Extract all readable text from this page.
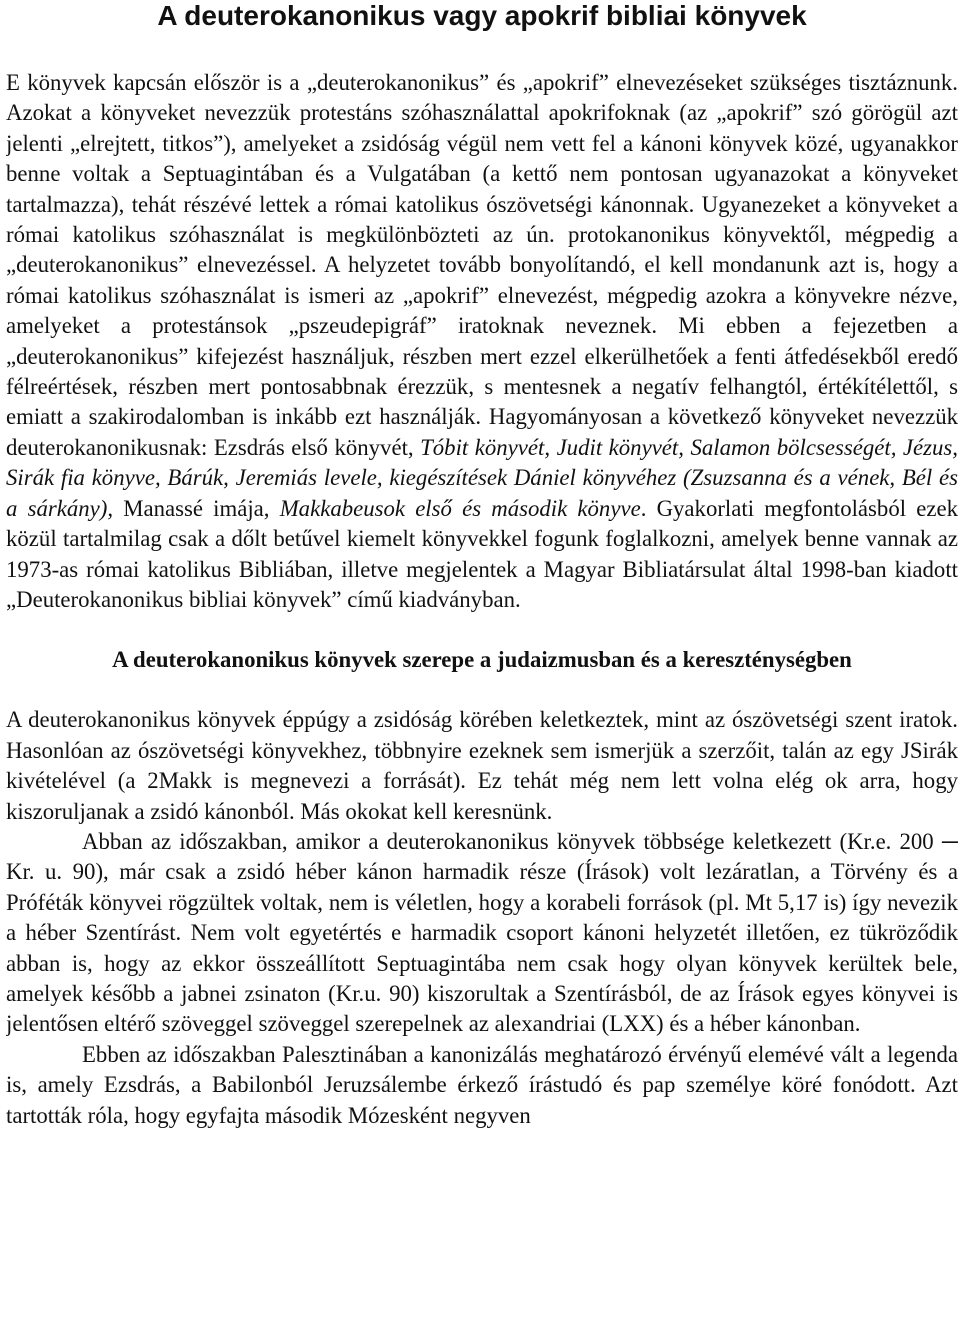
A deuterokanonikus vagy apokrif bibliai könyvek

E könyvek kapcsán először is a „deuterokanonikus” és „apokrif” elnevezéseket szükséges tisztáznunk. Azokat a könyveket nevezzük protestáns szóhasználattal apokrifoknak (az „apokrif” szó görögül azt jelenti „elrejtett, titkos”), amelyeket a zsidóság végül nem vett fel a kánoni könyvek közé, ugyanakkor benne voltak a Septuagintában és a Vulgatában (a kettő nem pontosan ugyanazokat a könyveket tartalmazza), tehát részévé lettek a római katolikus ószövetségi kánonnak. Ugyanezeket a könyveket a római katolikus szóhasználat is megkülönbözteti az ún. protokanonikus könyvektől, mégpedig a „deuterokanonikus” elnevezéssel. A helyzetet tovább bonyolítandó, el kell mondanunk azt is, hogy a római katolikus szóhasználat is ismeri az „apokrif” elnevezést, mégpedig azokra a könyvekre nézve, amelyeket a protestánsok „pszeudepigráf” iratoknak neveznek. Mi ebben a fejezetben a „deuterokanonikus” kifejezést használjuk, részben mert ezzel elkerülhetőek a fenti átfedésekből eredő félreértések, részben mert pontosabbnak érezzük, s mentesnek a negatív felhangtól, értékítélettől, s emiatt a szakirodalomban is inkább ezt használják. Hagyományosan a következő könyveket nevezzük deuterokanonikusnak: Ezsdrás első könyvét, Tóbit könyvét, Judit könyvét, Salamon bölcsességét, Jézus, Sirák fia könyve, Bárúk, Jeremiás levele, kiegészítések Dániel könyvéhez (Zsuzsanna és a vének, Bél és a sárkány), Manassé imája, Makkabeusok első és második könyve. Gyakorlati megfontolásból ezek közül tartalmilag csak a dőlt betűvel kiemelt könyvekkel fogunk foglalkozni, amelyek benne vannak az 1973-as római katolikus Bibliában, illetve megjelentek a Magyar Bibliatársulat által 1998-ban kiadott „Deuterokanonikus bibliai könyvek” című kiadványban.

A deuterokanonikus könyvek szerepe a judaizmusban és a kereszténységben

A deuterokanonikus könyvek éppúgy a zsidóság körében keletkeztek, mint az ószövetségi szent iratok. Hasonlóan az ószövetségi könyvekhez, többnyire ezeknek sem ismerjük a szerzőit, talán az egy JSirák kivételével (a 2Makk is megnevezi a forrását). Ez tehát még nem lett volna elég ok arra, hogy kiszoruljanak a zsidó kánonból. Más okokat kell keresnünk.

Abban az időszakban, amikor a deuterokanonikus könyvek többsége keletkezett (Kr.e. 200 ─ Kr. u. 90), már csak a zsidó héber kánon harmadik része (Írások) volt lezáratlan, a Törvény és a Próféták könyvei rögzültek voltak, nem is véletlen, hogy a korabeli források (pl. Mt 5,17 is) így nevezik a héber Szentírást. Nem volt egyetértés e harmadik csoport kánoni helyzetét illetően, ez tükröződik abban is, hogy az ekkor összeállított Septuagintába nem csak hogy olyan könyvek kerültek bele, amelyek később a jabnei zsinaton (Kr.u. 90) kiszorultak a Szentírásból, de az Írások egyes könyvei is jelentősen eltérő szöveggel szöveggel szerepelnek az alexandriai (LXX) és a héber kánonban.

Ebben az időszakban Palesztinában a kanonizálás meghatározó érvényű elemévé vált a legenda is, amely Ezsdrás, a Babilonból Jeruzsálembe érkező írástudó és pap személye köré fonódott. Azt tartották róla, hogy egyfajta második Mózesként negyven
